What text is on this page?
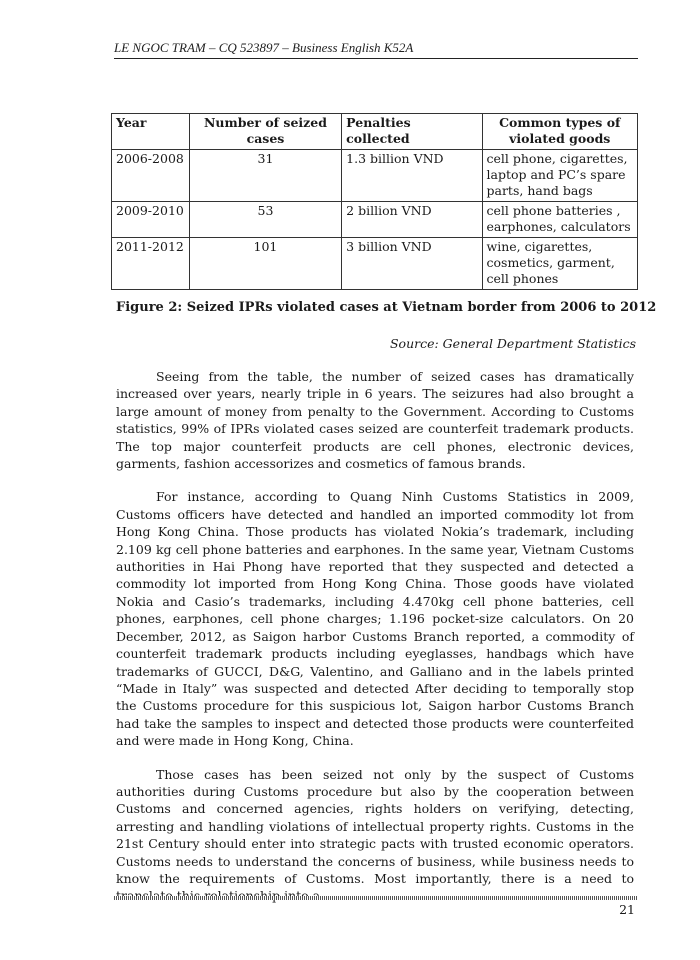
LE NGOC TRAM – CQ 523897 – Business English K52A
Year	Number of seized cases	Penalties collected	Common types of violated goods
2006-2008	31	1.3 billion VND	cell phone, cigarettes, laptop and PC’s spare parts, hand bags
2009-2010	53	2 billion VND	cell phone batteries , earphones, calculators
2011-2012	101	3 billion VND	wine, cigarettes, cosmetics, garment, cell phones
Figure 2: Seized IPRs violated cases at Vietnam border from 2006 to 2012
Source: General Department Statistics

Seeing from the table, the number of seized cases has dramatically increased over years, nearly triple in 6 years. The seizures had also brought a large amount of money from penalty to the Government. According to Customs statistics, 99% of IPRs violated cases seized are counterfeit trademark products. The top major counterfeit products are cell phones, electronic devices, garments, fashion accessorizes and cosmetics of famous brands.

For instance, according to Quang Ninh Customs Statistics in 2009, Customs officers have detected and handled an imported commodity lot from Hong Kong China. Those products has violated Nokia’s trademark, including 2.109 kg cell phone batteries and earphones. In the same year, Vietnam Customs authorities in Hai Phong have reported that they suspected and detected a commodity lot imported from Hong Kong China. Those goods have violated Nokia and Casio’s trademarks, including 4.470kg cell phone batteries, cell phones, earphones, cell phone charges; 1.196 pocket-size calculators. On 20 December, 2012, as Saigon harbor Customs Branch reported, a commodity of counterfeit trademark products including eyeglasses, handbags which have trademarks of GUCCI, D&G, Valentino, and Galliano and in the labels printed “Made in Italy” was suspected and detected After deciding to temporally stop the Customs procedure for this suspicious lot, Saigon harbor Customs Branch had take the samples to inspect and detected those products were counterfeited and were made in Hong Kong, China.

Those cases has been seized not only by the suspect of Customs authorities during Customs procedure but also by the cooperation between Customs and concerned agencies, rights holders on verifying, detecting, arresting and handling violations of intellectual property rights. Customs in the 21st Century should enter into strategic pacts with trusted economic operators. Customs needs to understand the concerns of business, while business needs to know the requirements of Customs. Most importantly, there is a need to

21
